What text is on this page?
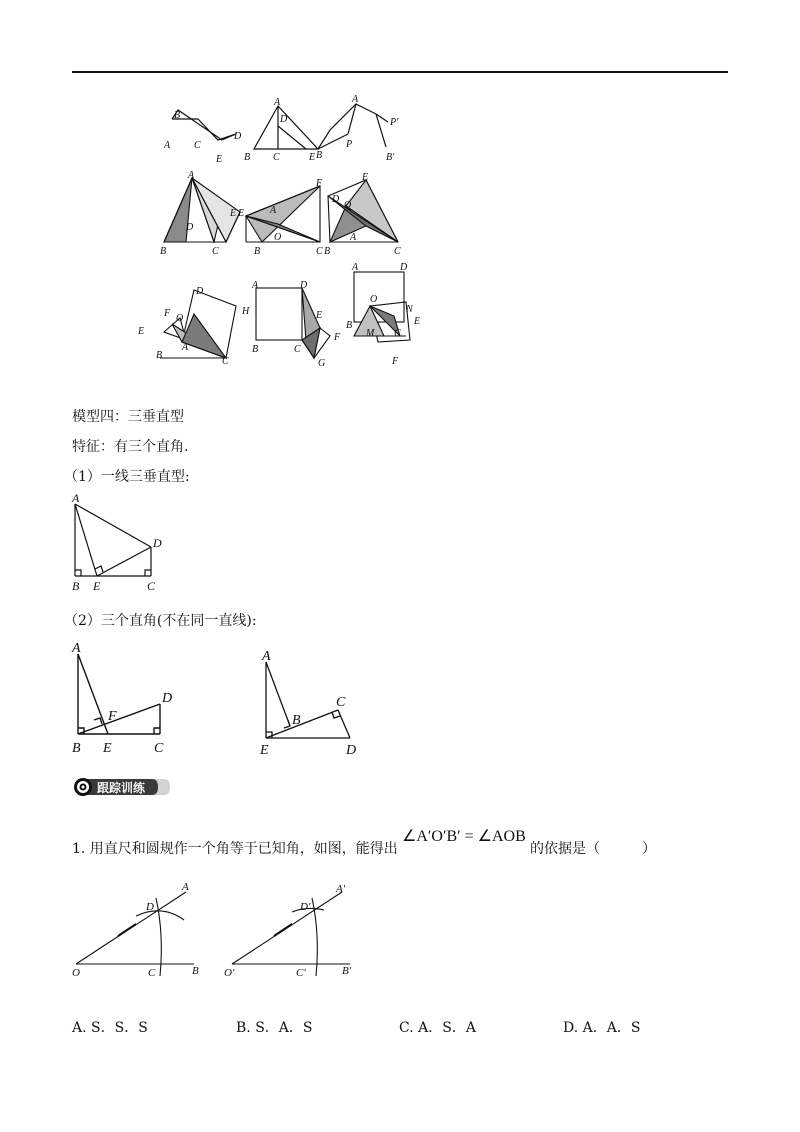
A
B
C
D
E
A
D
B C	E
A
B
P
P′
B′
A
B	C
D
E E	A
F
O
B	C B	C
E
D
O
A
D
H
F O
E
A
B
C
A	D
B	C
E
F
G
A	D
O
N
E
B
M C
F
模型四：三垂直型
特征：有三个直角.
（1）一线三垂直型:
A
D
B E	C
（2）三个直角(不在同一直线):
A
F
D
B E	C
A
B
C
E	D
跟踪训练
1. 用直尺和圆规作一个角等于已知角，如图，能得出
∠A′O′B′ = ∠AOB
的依据是（　　　）
A
D
O	C	B
A′
D′
O′	C′	B′
A. S．S．S	B. S．A．S	C. A．S．A	D. A．A．S
